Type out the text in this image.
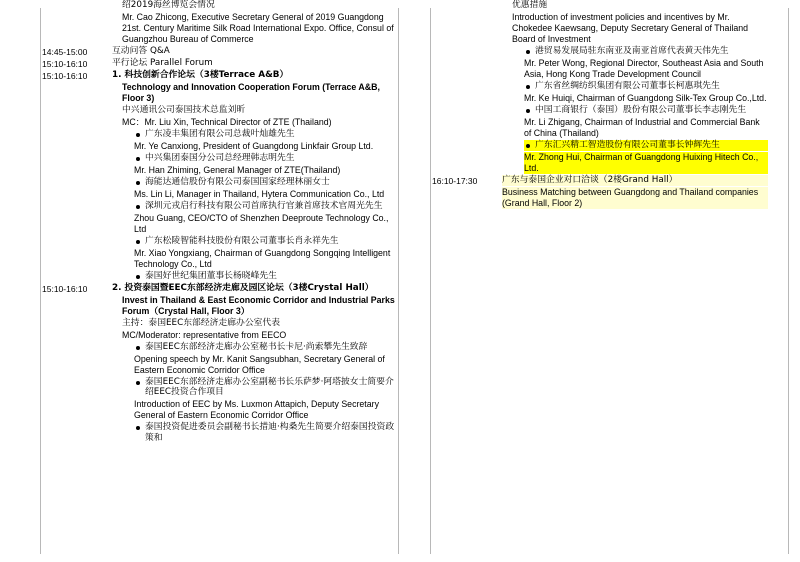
绍2019海丝博览会情况
Mr. Cao Zhicong, Executive Secretary General of 2019 Guangdong 21st. Century Maritime Silk Road International Expo. Office, Consul of Guangzhou Bureau of Commerce
14:45-15:00	互动问答 Q&A
15:10-16:10	平行论坛 Parallel Forum
15:10-16:10	1. 科技创新合作论坛（3楼Terrace A&B）
Technology and Innovation Cooperation Forum (Terrace A&B, Floor 3)
中兴通讯公司泰国技术总监刘昕
MC：Mr. Liu Xin, Technical Director of ZTE (Thailand)
广东凌丰集团有限公司总裁叶灿雄先生
Mr. Ye Canxiong, President of Guangdong Linkfair Group Ltd.
中兴集团泰国分公司总经理韩志明先生
Mr. Han Zhiming, General Manager of ZTE(Thailand)
海能达通信股份有限公司泰国国家经理林丽女士
Ms. Lin Li, Manager in Thailand, Hytera Communication Co., Ltd
深圳元戎启行科技有限公司首席执行官兼首席技术官周光先生
Zhou Guang, CEO/CTO of Shenzhen Deeproute Technology Co., Ltd
广东松陵智能科技股份有限公司董事长肖永祥先生
Mr. Xiao Yongxiang, Chairman of Guangdong Songqing Intelligent Technology Co., Ltd
泰国好世纪集团董事长杨晓峰先生
15:10-16:10	2. 投资泰国暨EEC东部经济走廊及园区论坛（3楼Crystal Hall）
Invest in Thailand & East Economic Corridor and Industrial Parks Forum（Crystal Hall, Floor 3）
主持：泰国EEC东部经济走廊办公室代表
MC/Moderator: representative from EECO
泰国EEC东部经济走廊办公室秘书长卡尼·尚索攀先生致辞
Opening speech by Mr. Kanit Sangsubhan, Secretary General of Eastern Economic Corridor Office
泰国EEC东部经济走廊办公室副秘书长乐萨梦·阿塔披女士简要介绍EEC投资合作项目
Introduction of EEC by Ms. Luxmon Attapich, Deputy Secretary General of Eastern Economic Corridor Office
泰国投资促进委员会副秘书长措迪·构桑先生简要介绍泰国投资政策和
优惠措施
Introduction of investment policies and incentives by Mr. Chokedee Kaewsang, Deputy Secretary General of Thailand Board of Investment
港贸易发展局驻东南亚及南亚首席代表黄天伟先生
Mr. Peter Wong, Regional Director, Southeast Asia and South Asia, Hong Kong Trade Development Council
广东省丝绸纺织集团有限公司董事长柯惠琪先生
Mr. Ke Huiqi, Chairman of Guangdong Silk-Tex Group Co.,Ltd.
中国工商银行（泰国）股份有限公司董事长李志刚先生
Mr. Li Zhigang, Chairman of Industrial and Commercial Bank of China (Thailand)
广东汇兴精工智造股份有限公司董事长钟辉先生
Mr. Zhong Hui, Chairman of Guangdong Huixing Hitech Co., Ltd.
16:10-17:30	广东与泰国企业对口洽谈（2楼Grand Hall）
Business Matching between Guangdong and Thailand companies (Grand Hall, Floor 2)
